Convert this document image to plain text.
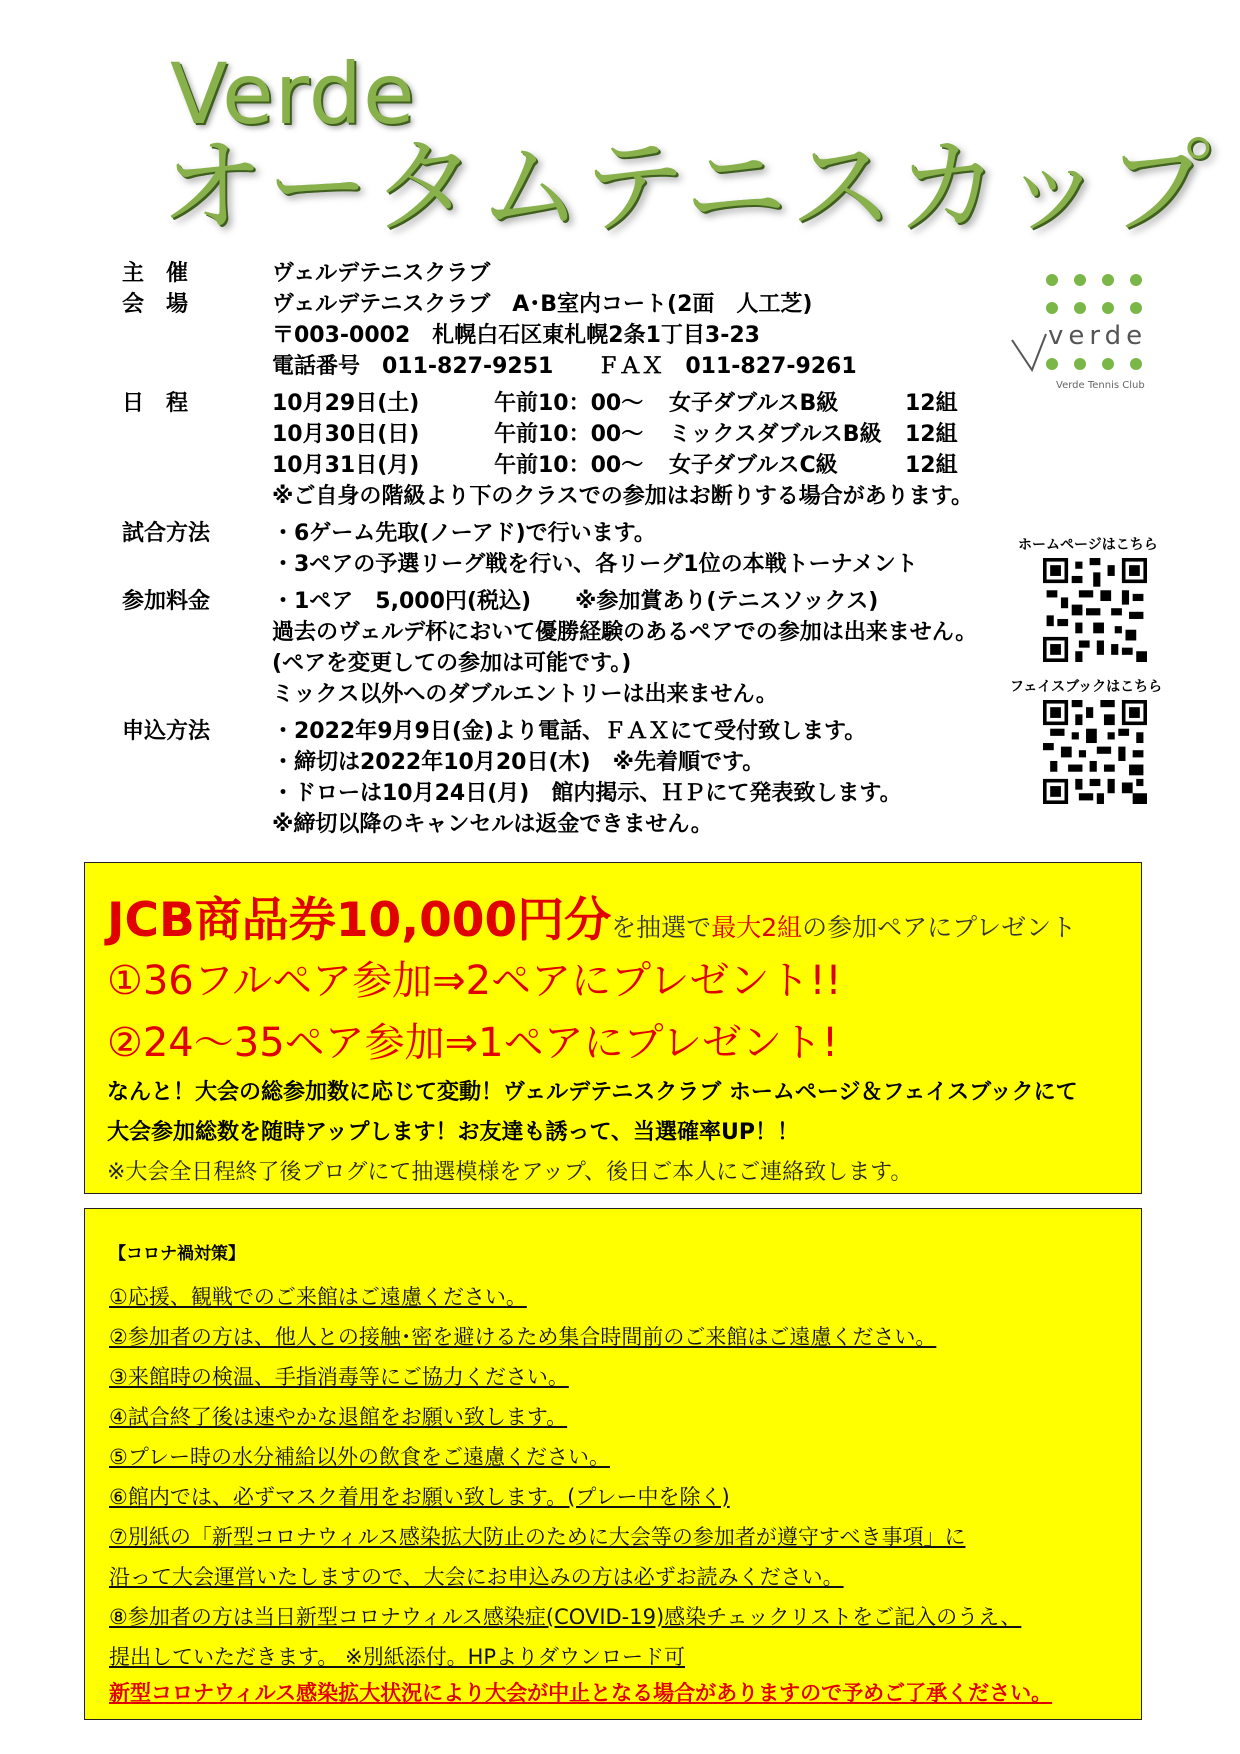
Verde
オータムテニスカップ
主　催	ヴェルデテニスクラブ
会　場	ヴェルデテニスクラブ　A･B室内コート(2面　人工芝)
〒003-0002　札幌白石区東札幌2条1丁目3-23
電話番号　011-827-9251　　ＦＡＸ　011-827-9261
日　程	10月29日(土)	午前10：00～	女子ダブルスB級	12組
10月30日(日)	午前10：00～	ミックスダブルスB級	12組
10月31日(月)	午前10：00～	女子ダブルスC級	12組
※ご自身の階級より下のクラスでの参加はお断りする場合があります。
試合方法	・6ゲーム先取(ノーアド)で行います。
・3ペアの予選リーグ戦を行い、各リーグ1位の本戦トーナメント
参加料金	・1ペア　5,000円(税込)　　※参加賞あり(テニスソックス)
過去のヴェルデ杯において優勝経験のあるペアでの参加は出来ません。
(ペアを変更しての参加は可能です。)
ミックス以外へのダブルエントリーは出来ません。
申込方法	・2022年9月9日(金)より電話、ＦＡＸにて受付致します。
・締切は2022年10月20日(木)　※先着順です。
・ドローは10月24日(月)　館内掲示、ＨＰにて発表致します。
※締切以降のキャンセルは返金できません。
verde
Verde Tennis Club
ホームページはこちら
フェイスブックはこちら
JCB商品券10,000円分を抽選で最大2組の参加ペアにプレゼント
①36フルペア参加⇒2ペアにプレゼント!!
②24～35ペア参加⇒1ペアにプレゼント!
なんと！大会の総参加数に応じて変動！ヴェルデテニスクラブ ホームページ＆フェイスブックにて
大会参加総数を随時アップします！お友達も誘って、当選確率UP！！
※大会全日程終了後ブログにて抽選模様をアップ、後日ご本人にご連絡致します。
【コロナ禍対策】
①応援、観戦でのご来館はご遠慮ください。
②参加者の方は、他人との接触･密を避けるため集合時間前のご来館はご遠慮ください。
③来館時の検温、手指消毒等にご協力ください。
④試合終了後は速やかな退館をお願い致します。
⑤プレー時の水分補給以外の飲食をご遠慮ください。
⑥館内では、必ずマスク着用をお願い致します。(プレー中を除く)
⑦別紙の「新型コロナウィルス感染拡大防止のために大会等の参加者が遵守すべき事項」に
沿って大会運営いたしますので、大会にお申込みの方は必ずお読みください。
⑧参加者の方は当日新型コロナウィルス感染症(COVID-19)感染チェックリストをご記入のうえ、
提出していただきます。 ※別紙添付。HPよりダウンロード可
新型コロナウィルス感染拡大状況により大会が中止となる場合がありますので予めご了承ください。
